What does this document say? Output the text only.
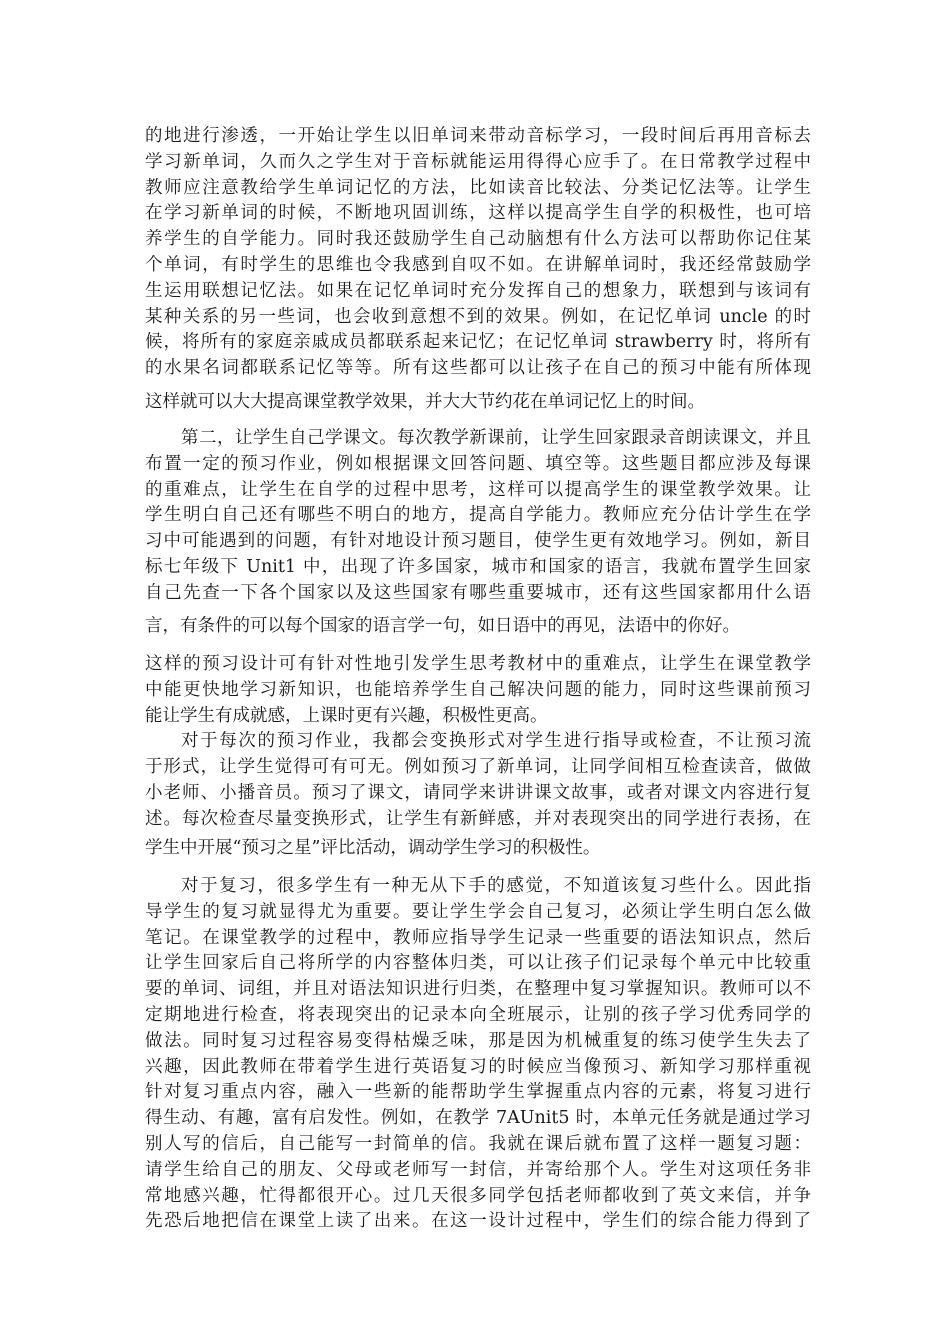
的地进行渗透，一开始让学生以旧单词来带动音标学习，一段时间后再用音标去
学习新单词，久而久之学生对于音标就能运用得得心应手了。在日常教学过程中
教师应注意教给学生单词记忆的方法，比如读音比较法、分类记忆法等。让学生
在学习新单词的时候，不断地巩固训练，这样以提高学生自学的积极性，也可培
养学生的自学能力。同时我还鼓励学生自己动脑想有什么方法可以帮助你记住某
个单词，有时学生的思维也令我感到自叹不如。在讲解单词时，我还经常鼓励学
生运用联想记忆法。如果在记忆单词时充分发挥自己的想象力，联想到与该词有
某种关系的另一些词，也会收到意想不到的效果。例如，在记忆单词 uncle 的时
候，将所有的家庭亲戚成员都联系起来记忆；在记忆单词 strawberry 时，将所有
的水果名词都联系记忆等等。所有这些都可以让孩子在自己的预习中能有所体现
这样就可以大大提高课堂教学效果，并大大节约花在单词记忆上的时间。
第二，让学生自己学课文。每次教学新课前，让学生回家跟录音朗读课文，并且
布置一定的预习作业，例如根据课文回答问题、填空等。这些题目都应涉及每课
的重难点，让学生在自学的过程中思考，这样可以提高学生的课堂教学效果。让
学生明白自己还有哪些不明白的地方，提高自学能力。教师应充分估计学生在学
习中可能遇到的问题，有针对地设计预习题目，使学生更有效地学习。例如，新目
标七年级下 Unit1 中，出现了许多国家，城市和国家的语言，我就布置学生回家
自己先查一下各个国家以及这些国家有哪些重要城市，还有这些国家都用什么语
言，有条件的可以每个国家的语言学一句，如日语中的再见，法语中的你好。
这样的预习设计可有针对性地引发学生思考教材中的重难点，让学生在课堂教学
中能更快地学习新知识，也能培养学生自己解决问题的能力，同时这些课前预习
能让学生有成就感，上课时更有兴趣，积极性更高。
对于每次的预习作业，我都会变换形式对学生进行指导或检查，不让预习流
于形式，让学生觉得可有可无。例如预习了新单词，让同学间相互检查读音，做做
小老师、小播音员。预习了课文，请同学来讲讲课文故事，或者对课文内容进行复
述。每次检查尽量变换形式，让学生有新鲜感，并对表现突出的同学进行表扬，在
学生中开展“预习之星”评比活动，调动学生学习的积极性。
对于复习，很多学生有一种无从下手的感觉，不知道该复习些什么。因此指
导学生的复习就显得尤为重要。要让学生学会自己复习，必须让学生明白怎么做
笔记。在课堂教学的过程中，教师应指导学生记录一些重要的语法知识点，然后
让学生回家后自己将所学的内容整体归类，可以让孩子们记录每个单元中比较重
要的单词、词组，并且对语法知识进行归类，在整理中复习掌握知识。教师可以不
定期地进行检查，将表现突出的记录本向全班展示，让别的孩子学习优秀同学的
做法。同时复习过程容易变得枯燥乏味，那是因为机械重复的练习使学生失去了
兴趣，因此教师在带着学生进行英语复习的时候应当像预习、新知学习那样重视
针对复习重点内容，融入一些新的能帮助学生掌握重点内容的元素，将复习进行
得生动、有趣，富有启发性。例如，在教学 7AUnit5 时，本单元任务就是通过学习
别人写的信后，自己能写一封简单的信。我就在课后就布置了这样一题复习题：
请学生给自己的朋友、父母或老师写一封信，并寄给那个人。学生对这项任务非
常地感兴趣，忙得都很开心。过几天很多同学包括老师都收到了英文来信，并争
先恐后地把信在课堂上读了出来。在这一设计过程中，学生们的综合能力得到了
